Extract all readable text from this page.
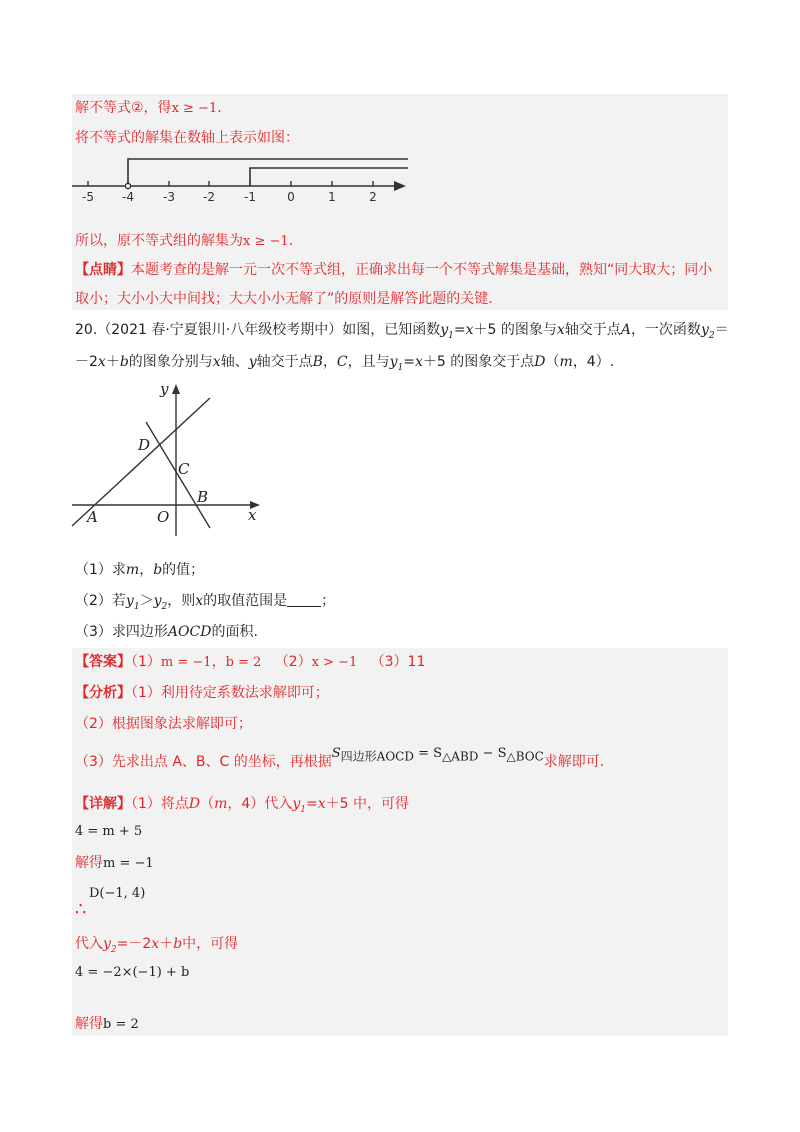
解不等式②，得x ≥ −1.
将不等式的解集在数轴上表示如图：
-5 -4 -3 -2 -1	0	1	2
所以，原不等式组的解集为x ≥ −1.
【点睛】本题考查的是解一元一次不等式组，正确求出每一个不等式解集是基础，熟知“同大取大；同小
取小；大小小大中间找；大大小小无解了”的原则是解答此题的关键.
20.（2021 春·宁夏银川·八年级校考期中）如图，已知函数$y_1=x+5$ 的图象与x轴交于点A，一次函数$y_2=$
－2x＋b的图象分别与x轴、y轴交于点B，C，且与$y_1=x+5$ 的图象交于点D（m，4）.
y
x
D
C
B
A	O
（1）求m，b的值；
（2）若$y_1>y_2$，则x的取值范围是 ；
（3）求四边形AOCD的面积.
【答案】（1）m = −1，b = 2 （2）x > −1 （3）11
【分析】（1）利用待定系数法求解即可；
（2）根据图象法求解即可；
（3）先求出点 A、B、C 的坐标，再根据$S_{四边形AOCD} = S_{\triangle ABD} - S_{\triangle BOC}$求解即可.
【详解】（1）将点D（m，4）代入$y_1=x+5$ 中，可得
4 = m + 5
解得m = −1
D(−1, 4)
∴
代入$y_2=-2x+b$中，可得
4 = −2×(−1) + b
解得b = 2
